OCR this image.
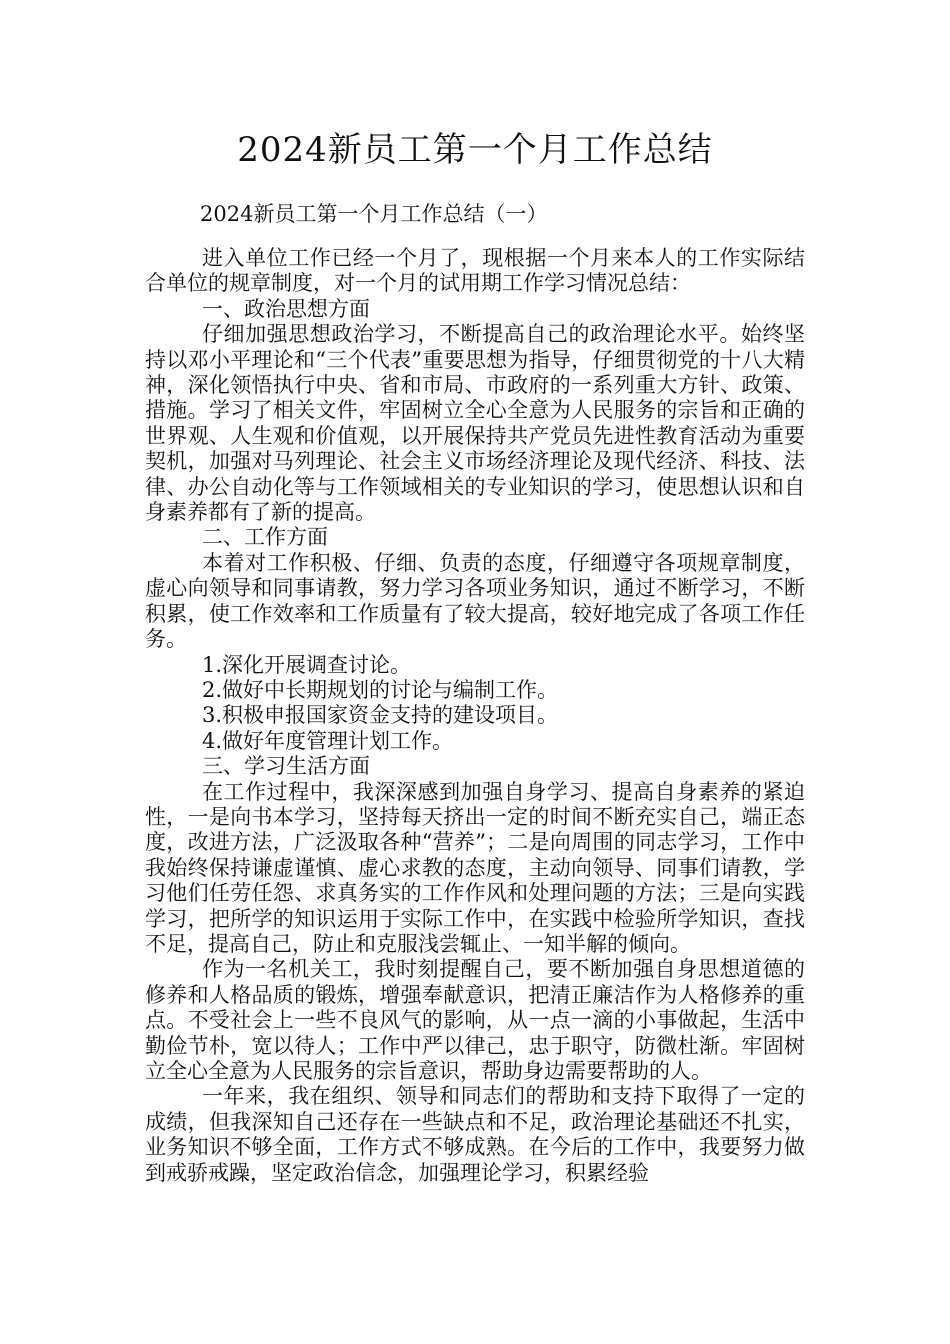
2024新员工第一个月工作总结

2024新员工第一个月工作总结（一）

进入单位工作已经一个月了，现根据一个月来本人的工作实际结合单位的规章制度，对一个月的试用期工作学习情况总结：

一、政治思想方面

仔细加强思想政治学习，不断提高自己的政治理论水平。始终坚持以邓小平理论和“三个代表”重要思想为指导，仔细贯彻党的十八大精神，深化领悟执行中央、省和市局、市政府的一系列重大方针、政策、措施。学习了相关文件，牢固树立全心全意为人民服务的宗旨和正确的世界观、人生观和价值观，以开展保持共产党员先进性教育活动为重要契机，加强对马列理论、社会主义市场经济理论及现代经济、科技、法律、办公自动化等与工作领域相关的专业知识的学习，使思想认识和自身素养都有了新的提高。

二、工作方面

本着对工作积极、仔细、负责的态度，仔细遵守各项规章制度，虚心向领导和同事请教，努力学习各项业务知识，通过不断学习，不断积累，使工作效率和工作质量有了较大提高，较好地完成了各项工作任务。

1.深化开展调查讨论。

2.做好中长期规划的讨论与编制工作。

3.积极申报国家资金支持的建设项目。

4.做好年度管理计划工作。

三、学习生活方面

在工作过程中，我深深感到加强自身学习、提高自身素养的紧迫性，一是向书本学习，坚持每天挤出一定的时间不断充实自己，端正态度，改进方法，广泛汲取各种“营养”；二是向周围的同志学习，工作中我始终保持谦虚谨慎、虚心求教的态度，主动向领导、同事们请教，学习他们任劳任怨、求真务实的工作作风和处理问题的方法；三是向实践学习，把所学的知识运用于实际工作中，在实践中检验所学知识，查找不足，提高自己，防止和克服浅尝辄止、一知半解的倾向。

作为一名机关工，我时刻提醒自己，要不断加强自身思想道德的修养和人格品质的锻炼，增强奉献意识，把清正廉洁作为人格修养的重点。不受社会上一些不良风气的影响，从一点一滴的小事做起，生活中勤俭节朴，宽以待人；工作中严以律己，忠于职守，防微杜渐。牢固树立全心全意为人民服务的宗旨意识，帮助身边需要帮助的人。

一年来，我在组织、领导和同志们的帮助和支持下取得了一定的成绩，但我深知自己还存在一些缺点和不足，政治理论基础还不扎实，业务知识不够全面，工作方式不够成熟。在今后的工作中，我要努力做到戒骄戒躁，坚定政治信念，加强理论学习，积累经验
